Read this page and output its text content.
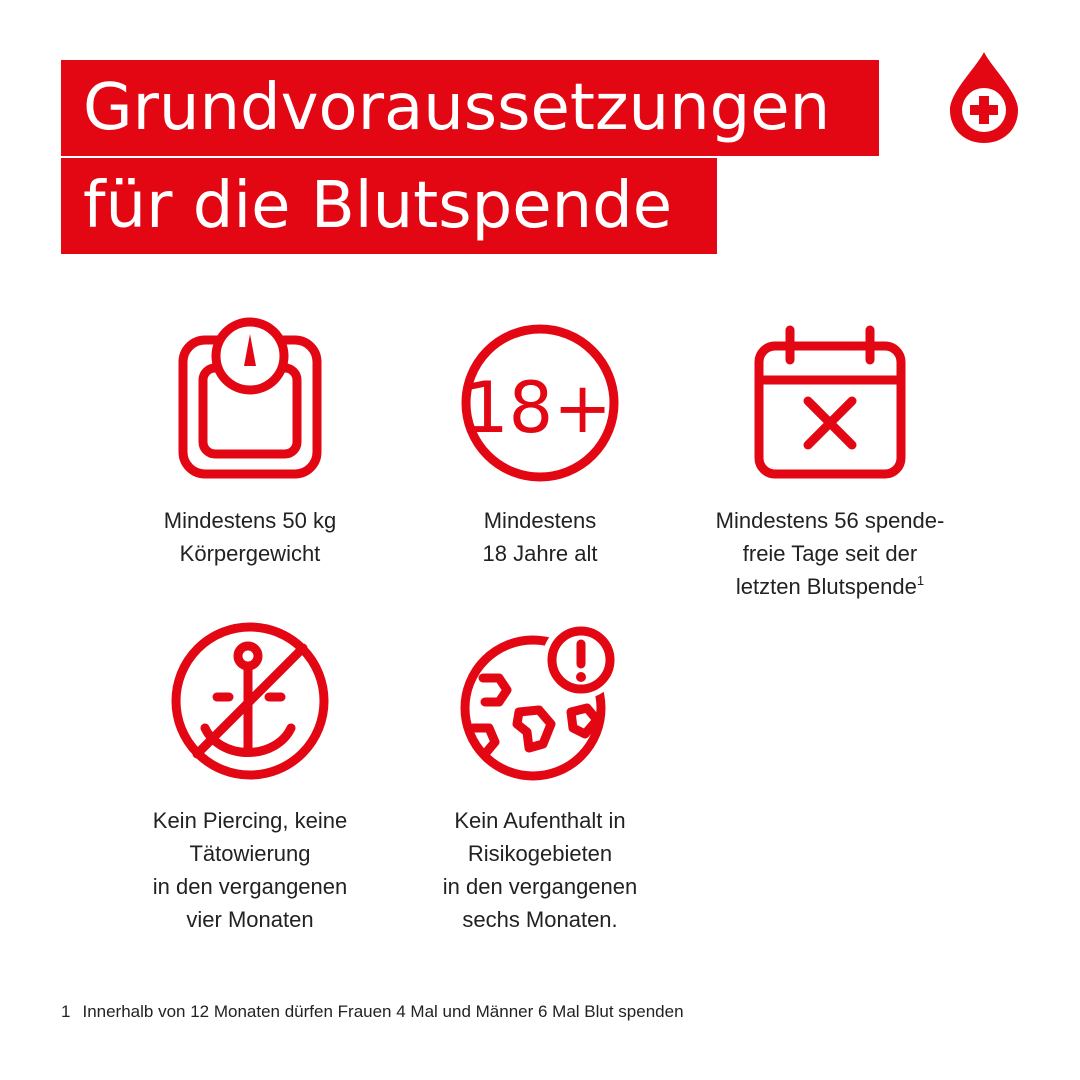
Grundvoraussetzungen
für die Blutspende
Mindestens 50 kg
Körpergewicht
18+
Mindestens
18 Jahre alt
Mindestens 56 spende-
freie Tage seit der
letzten Blutspende$^1$
Kein Piercing, keine
Tätowierung
in den vergangenen
vier Monaten
Kein Aufenthalt in
Risikogebieten
in den vergangenen
sechs Monaten.
1 Innerhalb von 12 Monaten dürfen Frauen 4 Mal und Männer 6 Mal Blut spenden
